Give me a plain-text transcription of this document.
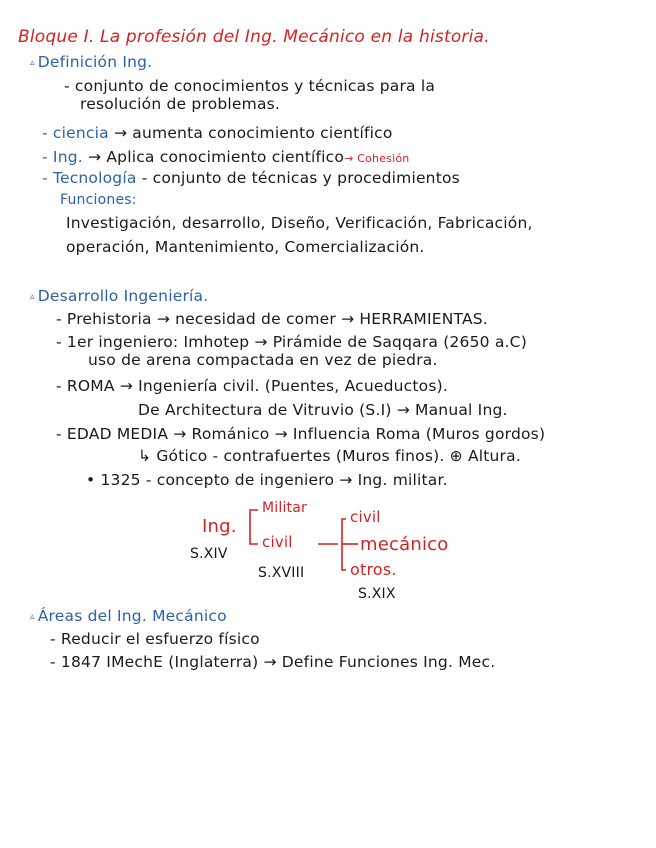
Bloque I. La profesión del Ing. Mecánico en la historia.
▵ Definición Ing.
- conjunto de conocimientos y técnicas para la
resolución de problemas.
- ciencia → aumenta conocimiento científico
- Ing. → Aplica conocimiento científico→ Cohesión
- Tecnología - conjunto de técnicas y procedimientos
Funciones:
Investigación, desarrollo, Diseño, Verificación, Fabricación,
operación, Mantenimiento, Comercialización.
▵ Desarrollo Ingeniería.
- Prehistoria → necesidad de comer → HERRAMIENTAS.
- 1er ingeniero: Imhotep → Pirámide de Saqqara (2650 a.C)
uso de arena compactada en vez de piedra.
- ROMA → Ingeniería civil. (Puentes, Acueductos).
De Architectura de Vitruvio (S.I) → Manual Ing.
- EDAD MEDIA → Románico → Influencia Roma (Muros gordos)
↳ Gótico - contrafuertes (Muros finos). ⊕ Altura.
• 1325 - concepto de ingeniero → Ing. militar.
Ing.
Militar
civil
civil
mecánico
otros.
S.XIV
S.XVIII
S.XIX
▵ Áreas del Ing. Mecánico
- Reducir el esfuerzo físico
- 1847 IMechE (Inglaterra) → Define Funciones Ing. Mec.
